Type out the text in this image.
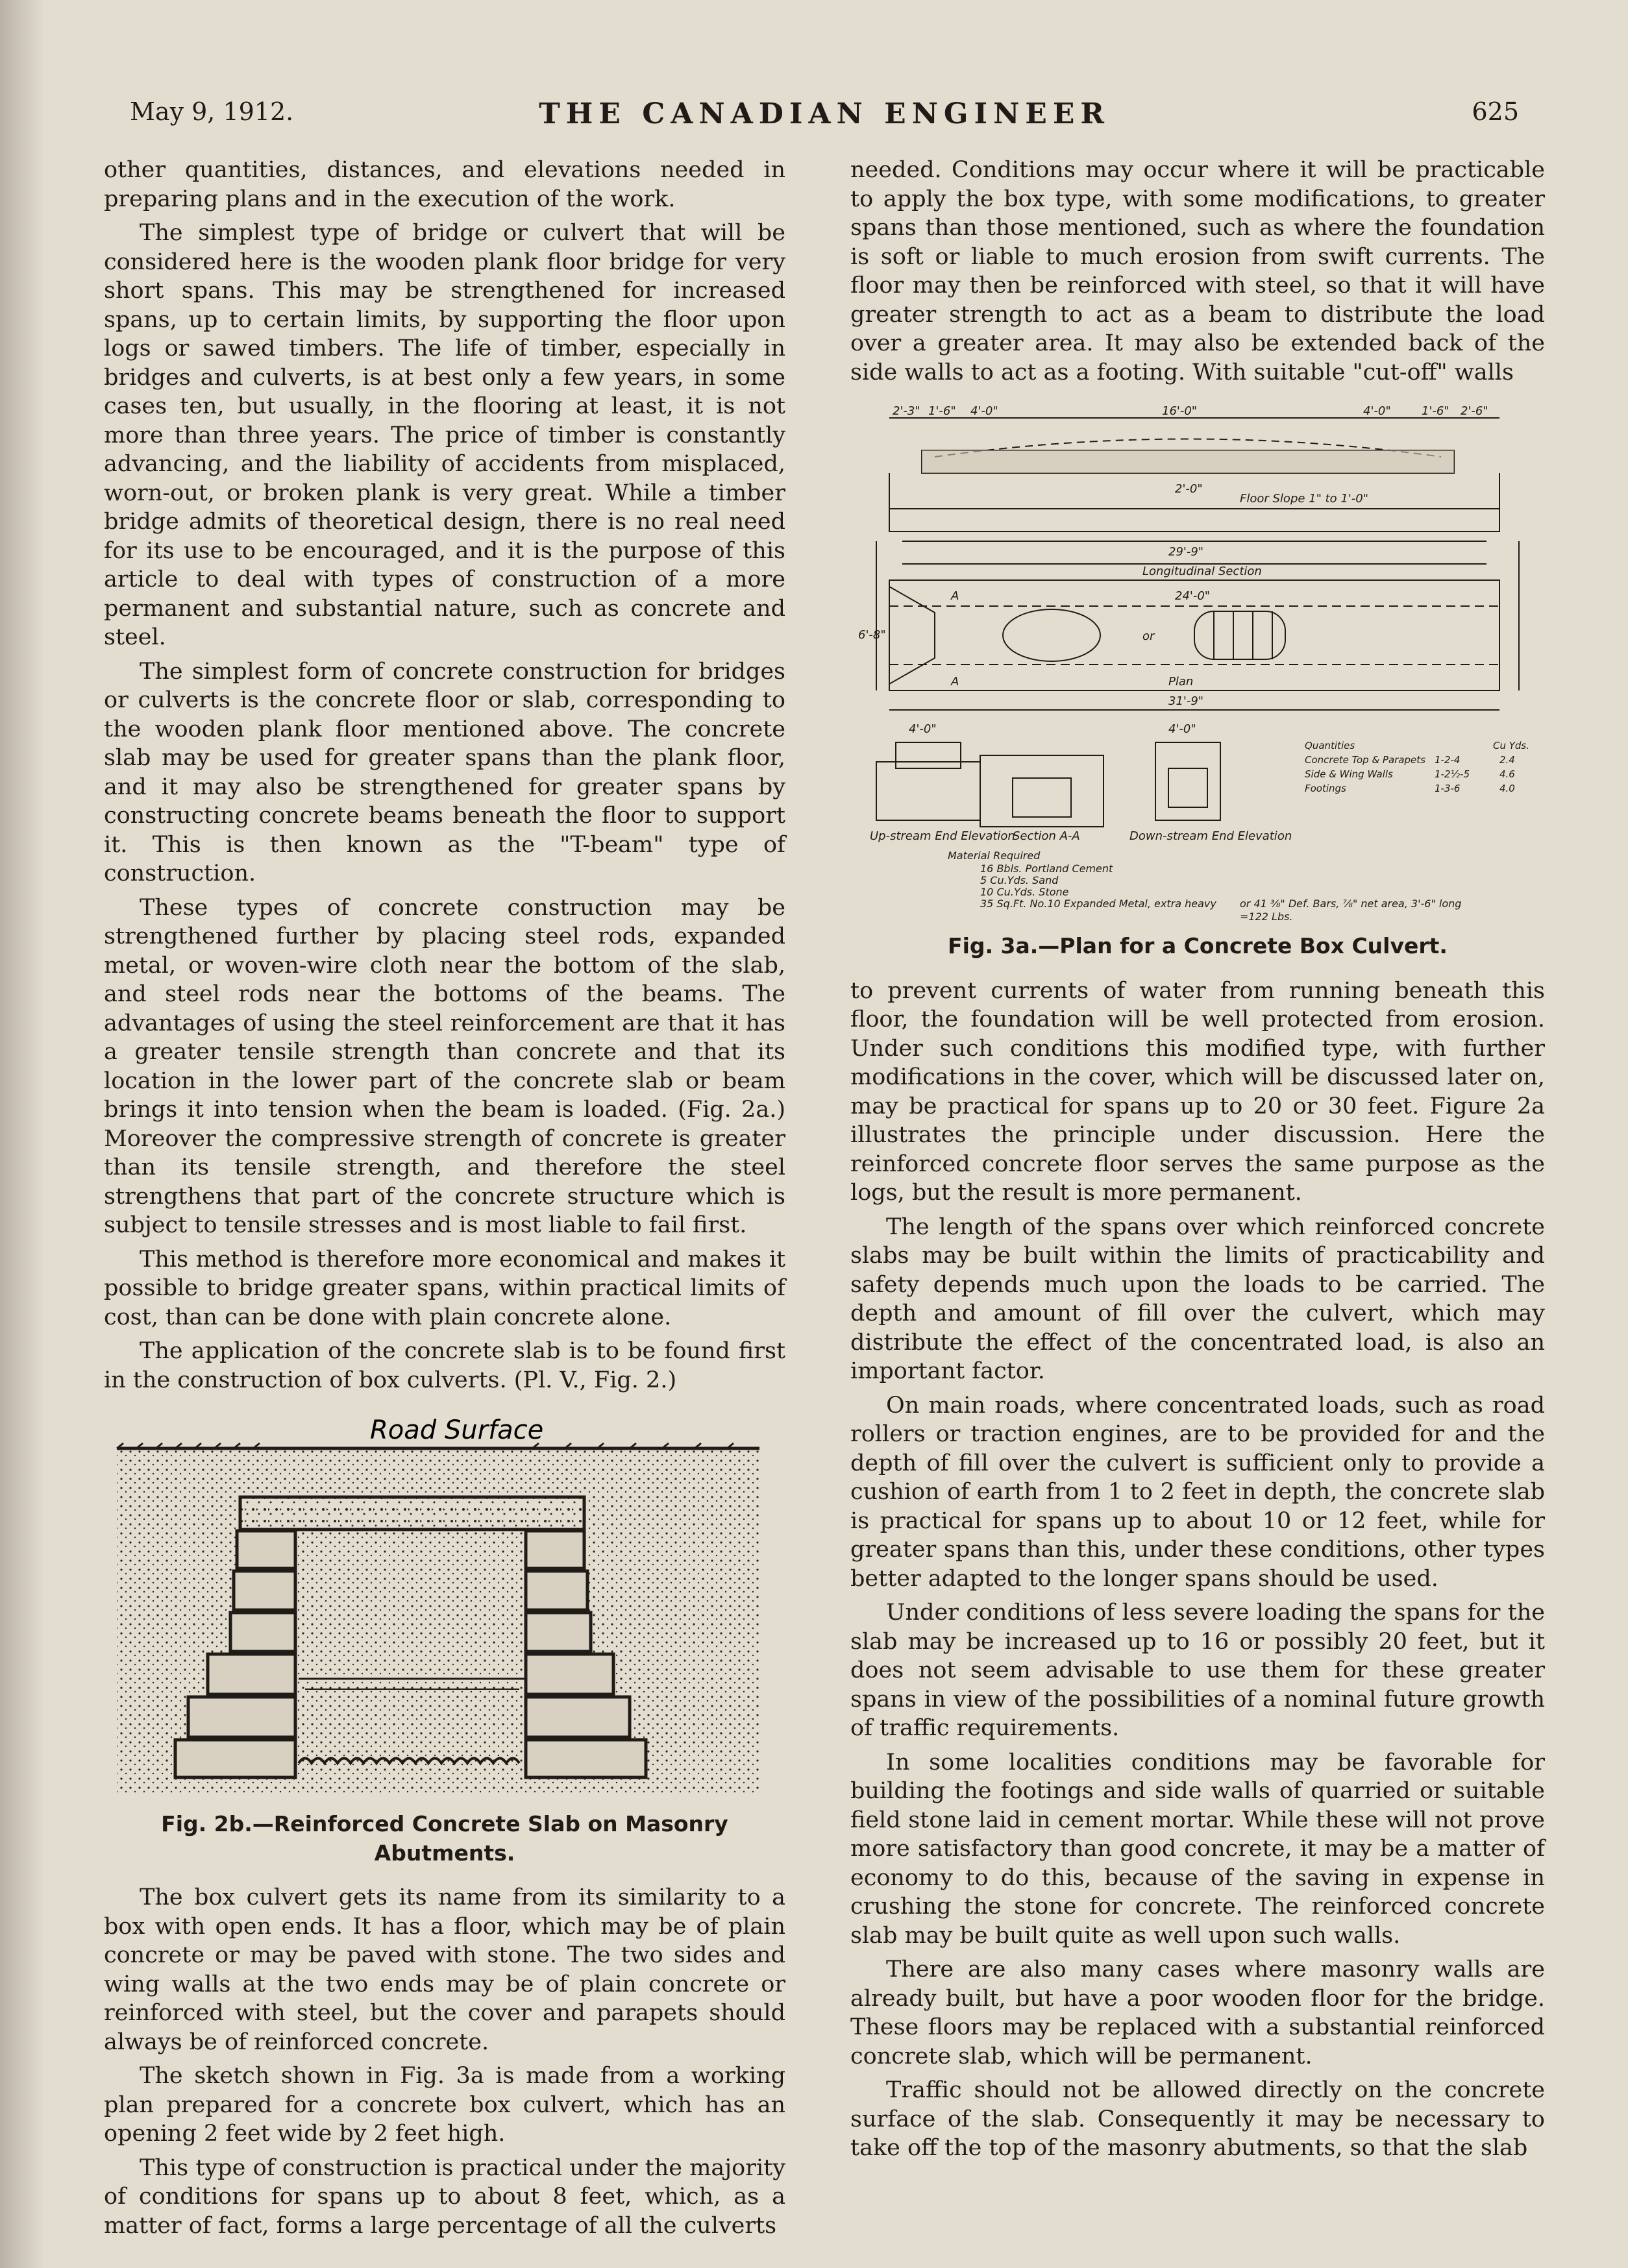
May 9, 1912.	THE CANADIAN ENGINEER	625

other quantities, distances, and elevations needed in preparing plans and in the execution of the work.

The simplest type of bridge or culvert that will be considered here is the wooden plank floor bridge for very short spans. This may be strengthened for increased spans, up to certain limits, by supporting the floor upon logs or sawed timbers. The life of timber, especially in bridges and culverts, is at best only a few years, in some cases ten, but usually, in the flooring at least, it is not more than three years. The price of timber is constantly advancing, and the liability of accidents from misplaced, worn-out, or broken plank is very great. While a timber bridge admits of theoretical design, there is no real need for its use to be encouraged, and it is the purpose of this article to deal with types of construction of a more permanent and substantial nature, such as concrete and steel.

The simplest form of concrete construction for bridges or culverts is the concrete floor or slab, corresponding to the wooden plank floor mentioned above. The concrete slab may be used for greater spans than the plank floor, and it may also be strengthened for greater spans by constructing concrete beams beneath the floor to support it. This is then known as the "T-beam" type of construction.

These types of concrete construction may be strengthened further by placing steel rods, expanded metal, or woven-wire cloth near the bottom of the slab, and steel rods near the bottoms of the beams. The advantages of using the steel reinforcement are that it has a greater tensile strength than concrete and that its location in the lower part of the concrete slab or beam brings it into tension when the beam is loaded. (Fig. 2a.) Moreover the compressive strength of concrete is greater than its tensile strength, and therefore the steel strengthens that part of the concrete structure which is subject to tensile stresses and is most liable to fail first.

This method is therefore more economical and makes it possible to bridge greater spans, within practical limits of cost, than can be done with plain concrete alone.

The application of the concrete slab is to be found first in the construction of box culverts. (Pl. V., Fig. 2.)

Road Surface
Fig. 2b.—Reinforced Concrete Slab on Masonry Abutments.

The box culvert gets its name from its similarity to a box with open ends. It has a floor, which may be of plain concrete or may be paved with stone. The two sides and wing walls at the two ends may be of plain concrete or reinforced with steel, but the cover and parapets should always be of reinforced concrete.

The sketch shown in Fig. 3a is made from a working plan prepared for a concrete box culvert, which has an opening 2 feet wide by 2 feet high.

This type of construction is practical under the majority of conditions for spans up to about 8 feet, which, as a matter of fact, forms a large percentage of all the culverts

needed. Conditions may occur where it will be practicable to apply the box type, with some modifications, to greater spans than those mentioned, such as where the foundation is soft or liable to much erosion from swift currents. The floor may then be reinforced with steel, so that it will have greater strength to act as a beam to distribute the load over a greater area. It may also be extended back of the side walls to act as a footing. With suitable "cut-off" walls

2'-3" 1'-6" 4'-0"	16'-0"	4'-0"	1'-6" 2'-6"
2'-0"
Floor Slope 1" to 1'-0"
29'-9"
Longitudinal Section
24'-0"
A
A
or
6'-8"
Plan
31'-9"
4'-0"	4'-0"
Up-stream End Elevation
Section A-A	Down-stream End Elevation
Quantities	Cu Yds.
Concrete Top & Parapets 1-2-4	2.4
Side & Wing Walls	1-2½-5	4.6
Footings	1-3-6	4.0
Material Required
16 Bbls. Portland Cement
5 Cu.Yds. Sand
10 Cu.Yds. Stone
35 Sq.Ft. No.10 Expanded Metal, extra heavy or 41 ⅜" Def. Bars, ⅞" net area, 3'-6" long
=122 Lbs.
Fig. 3a.—Plan for a Concrete Box Culvert.

to prevent currents of water from running beneath this floor, the foundation will be well protected from erosion. Under such conditions this modified type, with further modifications in the cover, which will be discussed later on, may be practical for spans up to 20 or 30 feet. Figure 2a illustrates the principle under discussion. Here the reinforced concrete floor serves the same purpose as the logs, but the result is more permanent.

The length of the spans over which reinforced concrete slabs may be built within the limits of practicability and safety depends much upon the loads to be carried. The depth and amount of fill over the culvert, which may distribute the effect of the concentrated load, is also an important factor.

On main roads, where concentrated loads, such as road rollers or traction engines, are to be provided for and the depth of fill over the culvert is sufficient only to provide a cushion of earth from 1 to 2 feet in depth, the concrete slab is practical for spans up to about 10 or 12 feet, while for greater spans than this, under these conditions, other types better adapted to the longer spans should be used.

Under conditions of less severe loading the spans for the slab may be increased up to 16 or possibly 20 feet, but it does not seem advisable to use them for these greater spans in view of the possibilities of a nominal future growth of traffic requirements.

In some localities conditions may be favorable for building the footings and side walls of quarried or suitable field stone laid in cement mortar. While these will not prove more satisfactory than good concrete, it may be a matter of economy to do this, because of the saving in expense in crushing the stone for concrete. The reinforced concrete slab may be built quite as well upon such walls.

There are also many cases where masonry walls are already built, but have a poor wooden floor for the bridge. These floors may be replaced with a substantial reinforced concrete slab, which will be permanent.

Traffic should not be allowed directly on the concrete surface of the slab. Consequently it may be necessary to take off the top of the masonry abutments, so that the slab
